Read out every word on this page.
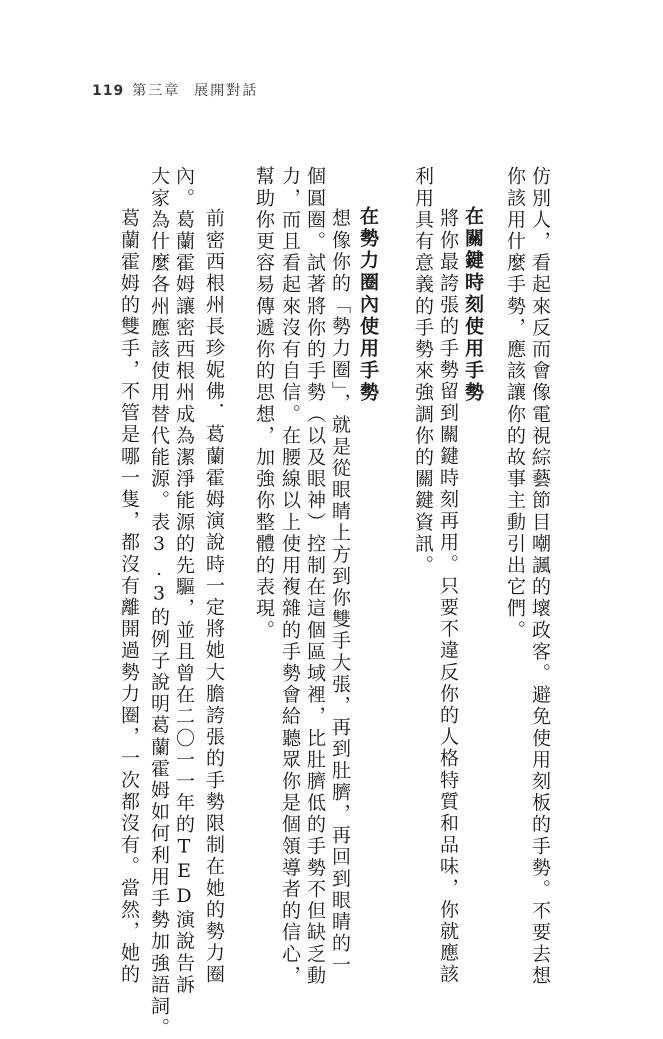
119 第三章 展開對話
仿別人，看起來反而會像電視綜藝節目嘲諷的壞政客。避免使用刻板的手勢。不要去想
你該用什麼手勢，應該讓你的故事主動引出它們。
在關鍵時刻使用手勢
將你最誇張的手勢留到關鍵時刻再用。只要不違反你的人格特質和品味，你就應該
利用具有意義的手勢來強調你的關鍵資訊。
在勢力圈內使用手勢
想像你的「勢力圈」，就是從眼睛上方到你雙手大張，再到肚臍，再回到眼睛的一
個圓圈。試著將你的手勢（以及眼神）控制在這個區域裡，比肚臍低的手勢不但缺乏動
力，而且看起來沒有自信。在腰線以上使用複雜的手勢會給聽眾你是個領導者的信心，
幫助你更容易傳遞你的思想，加強你整體的表現。
前密西根州長珍妮佛．葛蘭霍姆演說時一定將她大膽誇張的手勢限制在她的勢力圈
內。葛蘭霍姆讓密西根州成為潔淨能源的先驅，並且曾在二〇一一年的TED演說告訴
大家為什麼各州應該使用替代能源。表3.3的例子說明葛蘭霍姆如何利用手勢加強語詞。
葛蘭霍姆的雙手，不管是哪一隻，都沒有離開過勢力圈，一次都沒有。當然，她的
